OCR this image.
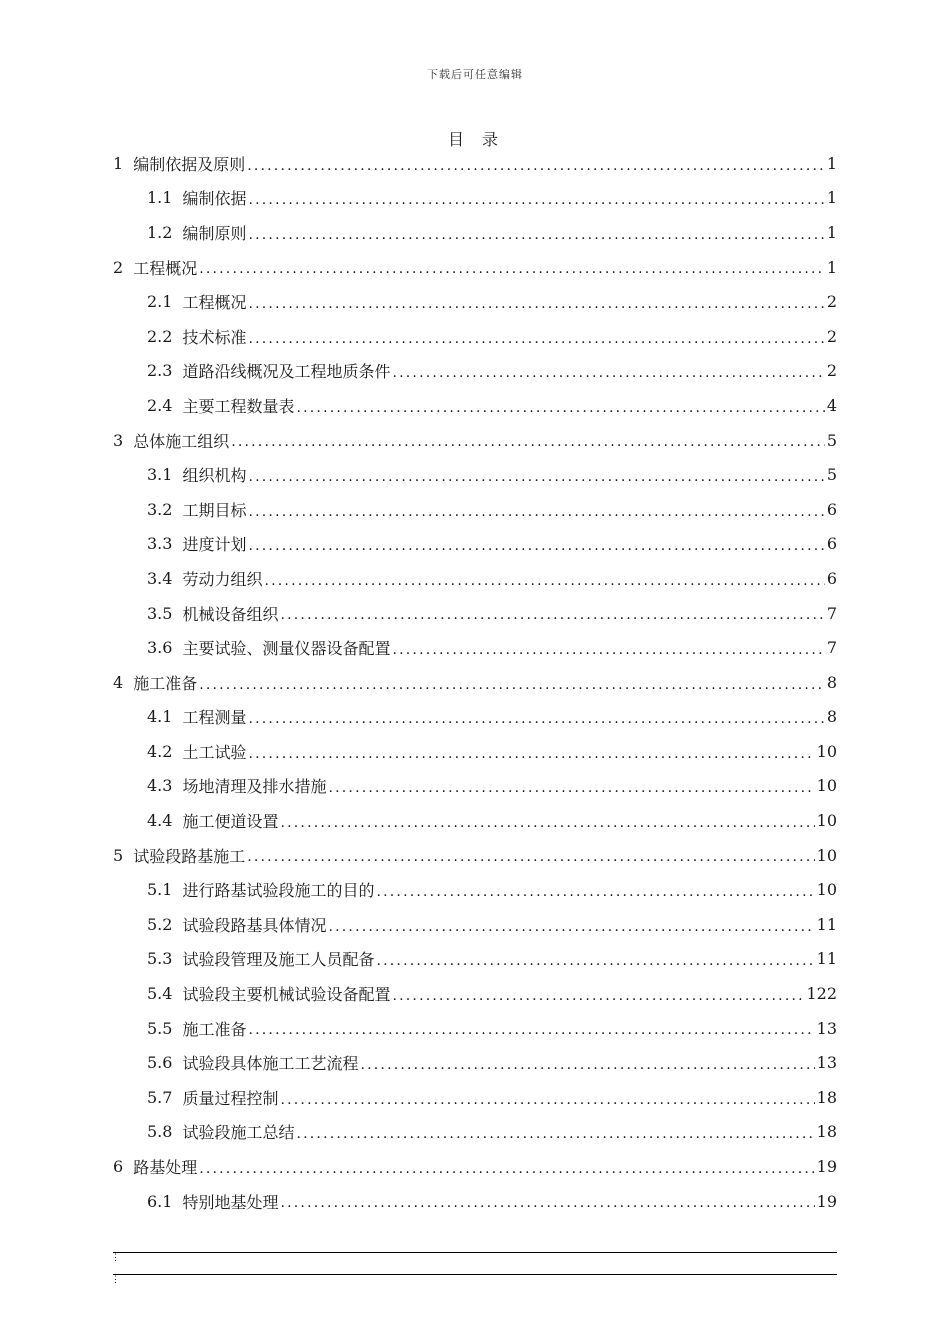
下载后可任意编辑
目 录
1 编制依据及原则 .....	1
1.1 编制依据 .....	1
1.2 编制原则 .....	1
2 工程概况 .....	1
2.1 工程概况 .....	2
2.2 技术标准 .....	2
2.3 道路沿线概况及工程地质条件 .....	2
2.4 主要工程数量表 .....	4
3 总体施工组织 .....	5
3.1 组织机构 .....	5
3.2 工期目标 .....	6
3.3 进度计划 .....	6
3.4 劳动力组织 .....	6
3.5 机械设备组织 .....	7
3.6 主要试验、测量仪器设备配置 .....	7
4 施工准备 .....	8
4.1 工程测量 .....	8
4.2 土工试验 .....	10
4.3 场地清理及排水措施 .....	10
4.4 施工便道设置 .....	10
5 试验段路基施工 .....	10
5.1 进行路基试验段施工的目的 .....	10
5.2 试验段路基具体情况 .....	11
5.3 试验段管理及施工人员配备 .....	11
5.4 试验段主要机械试验设备配置 .....	122
5.5 施工准备 .....	13
5.6 试验段具体施工工艺流程 .....	13
5.7 质量过程控制 .....	18
5.8 试验段施工总结 .....	18
6 路基处理 .....	19
6.1 特别地基处理 .....	19
⋮
⋮
